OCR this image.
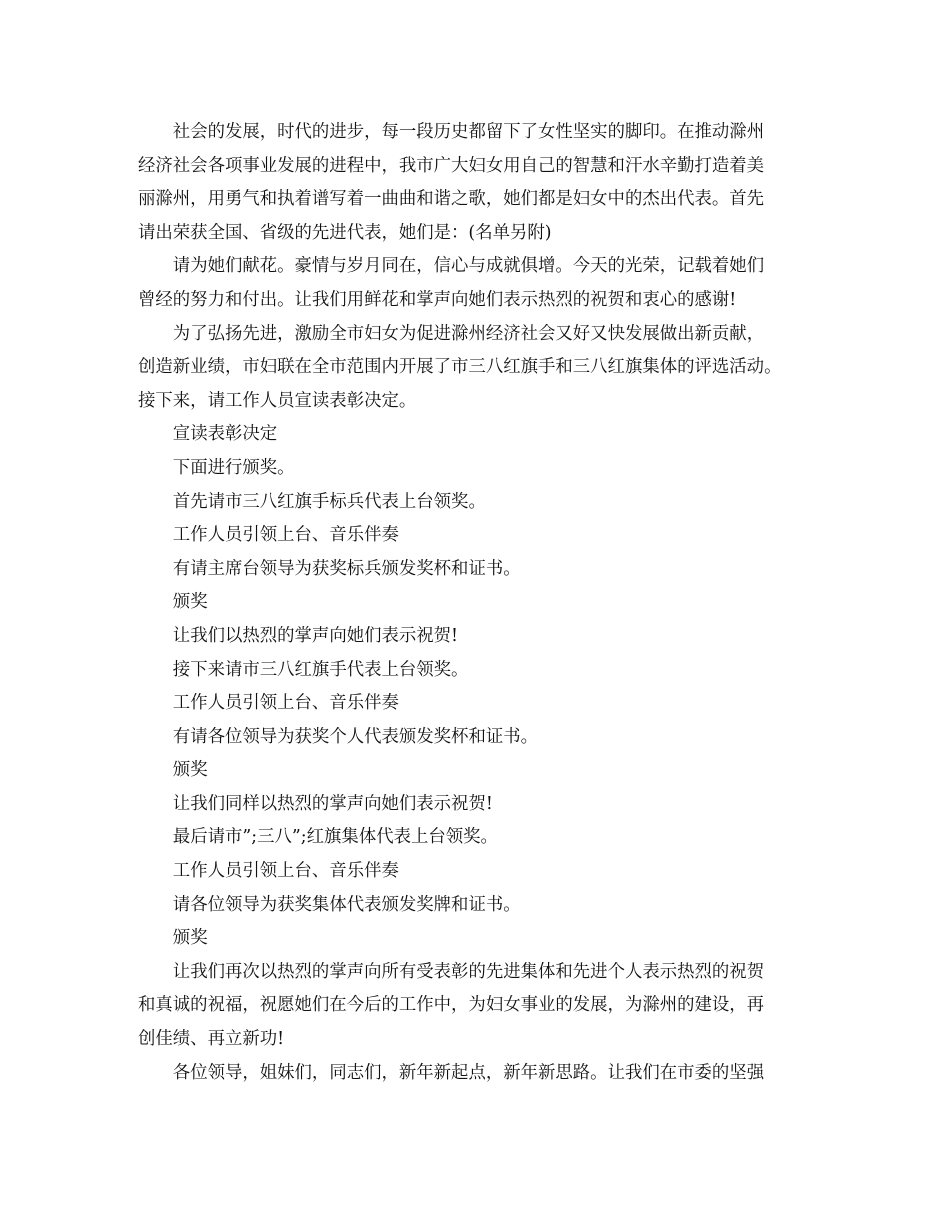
社会的发展，时代的进步，每一段历史都留下了女性坚实的脚印。在推动滁州
经济社会各项事业发展的进程中，我市广大妇女用自己的智慧和汗水辛勤打造着美
丽滁州，用勇气和执着谱写着一曲曲和谐之歌，她们都是妇女中的杰出代表。首先
请出荣获全国、省级的先进代表，她们是：(名单另附)
请为她们献花。豪情与岁月同在，信心与成就俱增。今天的光荣，记载着她们
曾经的努力和付出。让我们用鲜花和掌声向她们表示热烈的祝贺和衷心的感谢!
为了弘扬先进，激励全市妇女为促进滁州经济社会又好又快发展做出新贡献，
创造新业绩，市妇联在全市范围内开展了市三八红旗手和三八红旗集体的评选活动。
接下来，请工作人员宣读表彰决定。
宣读表彰决定
下面进行颁奖。
首先请市三八红旗手标兵代表上台领奖。
工作人员引领上台、音乐伴奏
有请主席台领导为获奖标兵颁发奖杯和证书。
颁奖
让我们以热烈的掌声向她们表示祝贺!
接下来请市三八红旗手代表上台领奖。
工作人员引领上台、音乐伴奏
有请各位领导为获奖个人代表颁发奖杯和证书。
颁奖
让我们同样以热烈的掌声向她们表示祝贺!
最后请市”;三八”;红旗集体代表上台领奖。
工作人员引领上台、音乐伴奏
请各位领导为获奖集体代表颁发奖牌和证书。
颁奖
让我们再次以热烈的掌声向所有受表彰的先进集体和先进个人表示热烈的祝贺
和真诚的祝福，祝愿她们在今后的工作中，为妇女事业的发展，为滁州的建设，再
创佳绩、再立新功!
各位领导，姐妹们，同志们，新年新起点，新年新思路。让我们在市委的坚强
